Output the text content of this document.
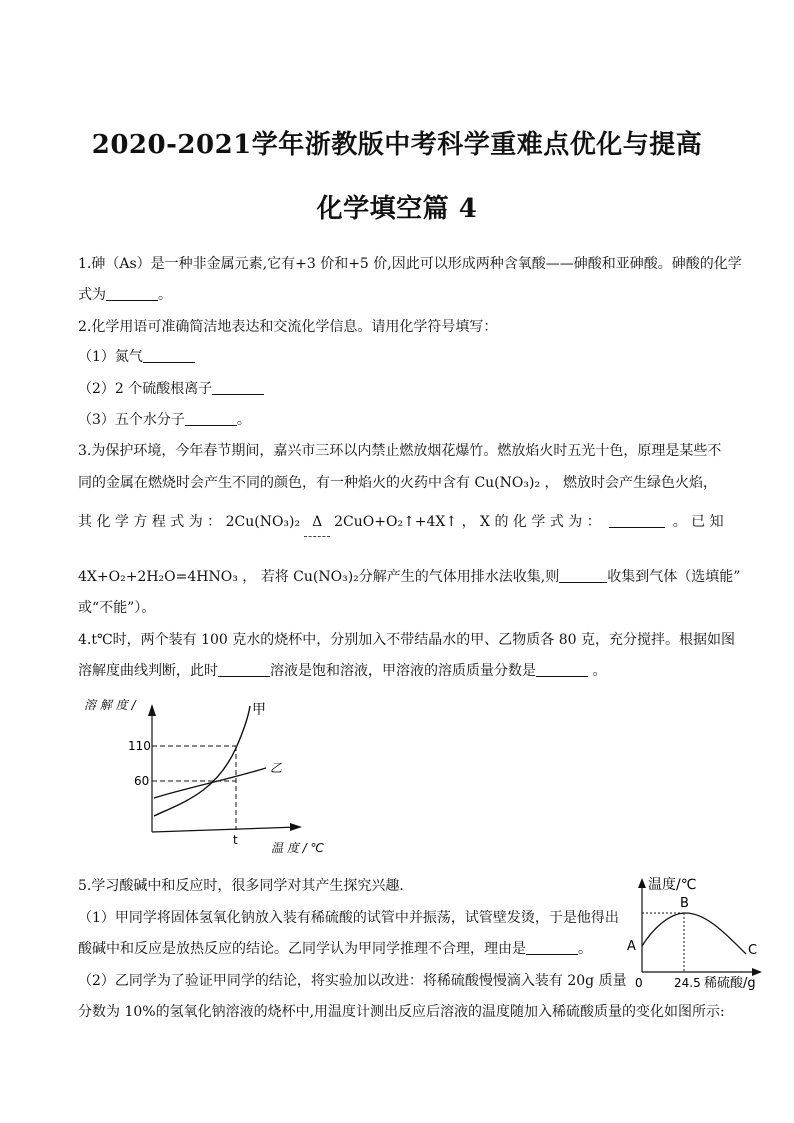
2020-2021学年浙教版中考科学重难点优化与提高
化学填空篇 4

1.砷（As）是一种非金属元素,它有+3 价和+5 价,因此可以形成两种含氧酸——砷酸和亚砷酸。砷酸的化学

式为	。

2.化学用语可准确简洁地表达和交流化学信息。请用化学符号填写：

（1）氮气

（2）2 个硫酸根离子

（3）五个水分子	。

3.为保护环境，今年春节期间，嘉兴市三环以内禁止燃放烟花爆竹。燃放焰火时五光十色，原理是某些不

同的金属在燃烧时会产生不同的颜色，有一种焰火的火药中含有 Cu(NO₃)₂ ， 燃放时会产生绿色火焰，

其 化 学 方 程 式 为 ： 2Cu(NO₃)₂ Δ 2CuO+O₂↑+4X↑ ， X 的 化 学 式 为 ：	。 已 知

4X+O₂+2H₂O=4HNO₃ ， 若将 Cu(NO₃)₂分解产生的气体用排水法收集,则	收集到气体（选填能”

或“不能”）。

4.t℃时，两个装有 100 克水的烧杯中，分别加入不带结晶水的甲、乙物质各 80 克，充分搅拌。根据如图

溶解度曲线判断，此时	溶液是饱和溶液，甲溶液的溶质质量分数是	。

溶 解 度 /
110
60
t
甲
乙
温 度 / ℃

5.学习酸碱中和反应时，很多同学对其产生探究兴趣．

（1）甲同学将固体氢氧化钠放入装有稀硫酸的试管中并振荡，试管壁发烫，于是他得出

酸碱中和反应是放热反应的结论。乙同学认为甲同学推理不合理，理由是	。

（2）乙同学为了验证甲同学的结论，将实验加以改进：将稀硫酸慢慢滴入装有 20g 质量

分数为 10%的氢氧化钠溶液的烧杯中,用温度计测出反应后溶液的温度随加入稀硫酸质量的变化如图所示:

温度/℃
B
A	C
0	24.5 稀硫酸/g
